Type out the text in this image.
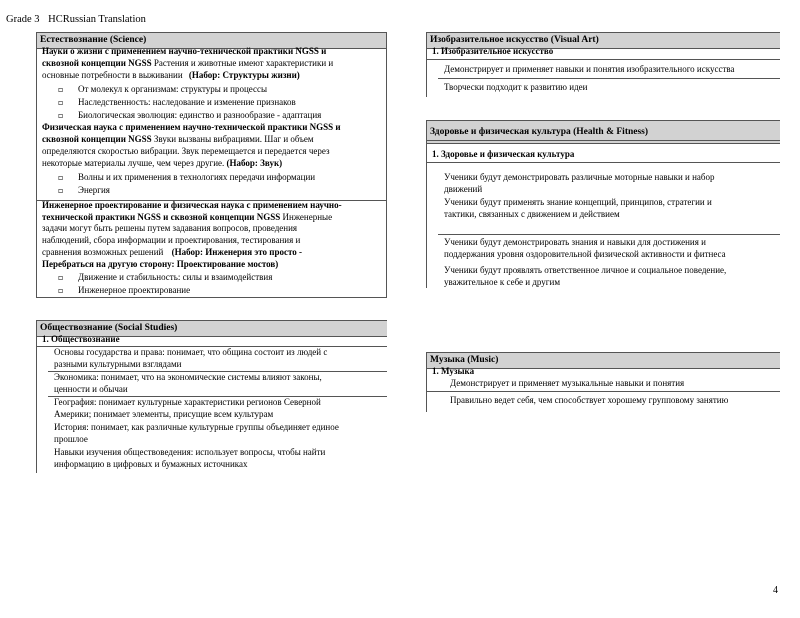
Grade 3 HCRussian Translation
Естествознание (Science)
Науки о жизни с применением научно-технической практики NGSS и
сквозной концепции NGSS Растения и животные имеют характеристики и
основные потребности в выживании (Набор: Структуры жизни)
▫ От молекул к организмам: структуры и процессы
▫ Наследственность: наследование и изменение признаков
▫ Биологическая эволюция: единство и разнообразие - адаптация
Физическая наука с применением научно-технической практики NGSS и
сквозной концепции NGSS Звуки вызваны вибрациями. Шаг и объем
определяются скоростью вибрации. Звук перемещается и передается через
некоторые материалы лучше, чем через другие. (Набор: Звук)
▫ Волны и их применения в технологиях передачи информации
▫ Энергия
Инженерное проектирование и физическая наука с применением научно-
технической практики NGSS и сквозной концепции NGSS Инженерные
задачи могут быть решены путем задавания вопросов, проведения
наблюдений, сбора информации и проектирования, тестирования и
сравнения возможных решений (Набор: Инженерия это просто -
Перебраться на другую сторону: Проектирование мостов)
▫ Движение и стабильность: силы и взаимодействия
▫ Инженерное проектирование
Обществознание (Social Studies)
1. Обществознание
Основы государства и права: понимает, что община состоит из людей с
разными культурными взглядами
Экономика: понимает, что на экономические системы влияют законы,
ценности и обычаи
География: понимает культурные характеристики регионов Северной
Америки; понимает элементы, присущие всем культурам
История: понимает, как различные культурные группы объединяет единое
прошлое
Навыки изучения обществоведения: использует вопросы, чтобы найти
информацию в цифровых и бумажных источниках
Изобразительное искусство (Visual Art)
1. Изобразительное искусство
Демонстрирует и применяет навыки и понятия изобразительного искусства
Творчески подходит к развитию идеи
Здоровье и физическая культура (Health & Fitness)
1. Здоровье и физическая культура
Ученики будут демонстрировать различные моторные навыки и набор
движений
Ученики будут применять знание концепций, принципов, стратегии и
тактики, связанных с движением и действием
Ученики будут демонстрировать знания и навыки для достижения и
поддержания уровня оздоровительной физической активности и фитнеса
Ученики будут проявлять ответственное личное и социальное поведение,
уважительное к себе и другим
Музыка (Music)
1. Музыка
Демонстрирует и применяет музыкальные навыки и понятия
Правильно ведет себя, чем способствует хорошему групповому занятию
4
